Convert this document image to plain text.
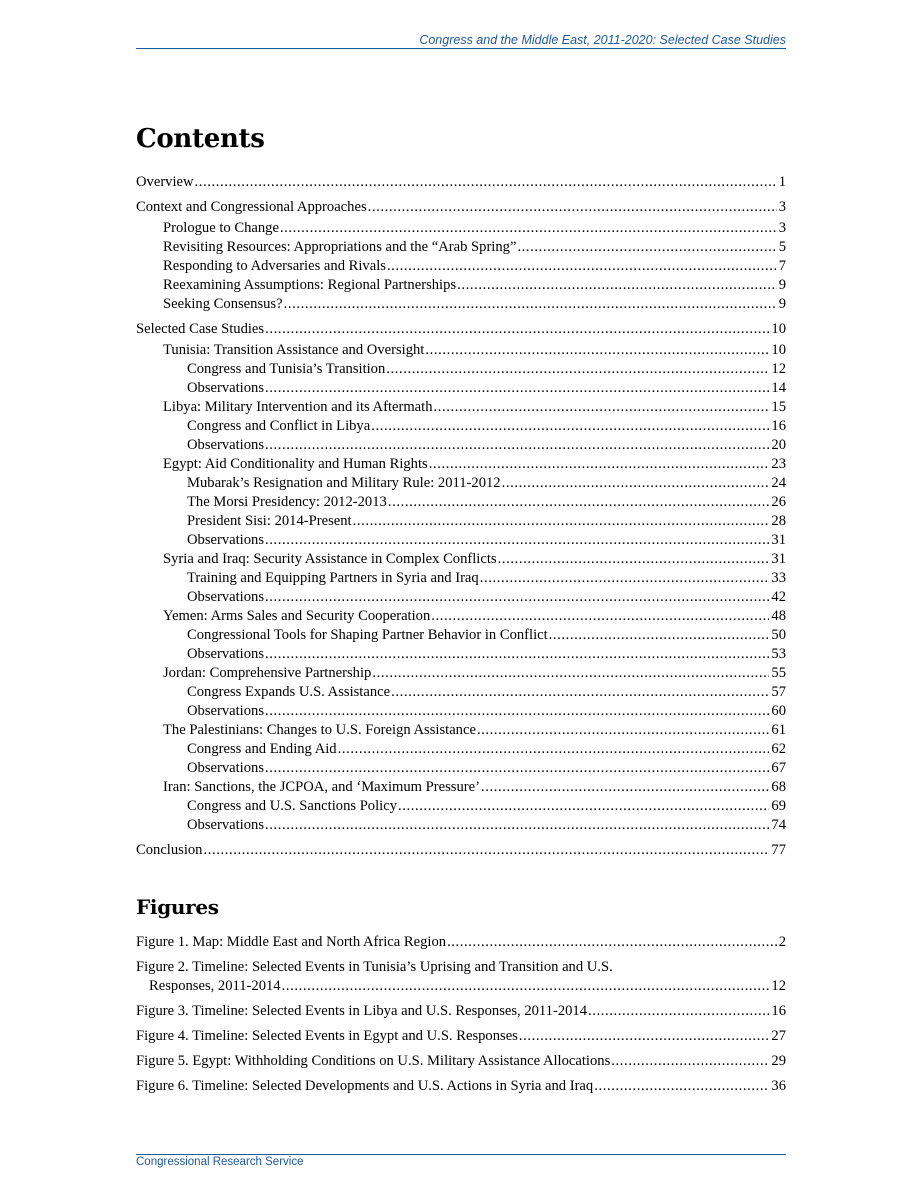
Congress and the Middle East, 2011-2020: Selected Case Studies
Contents
Overview .....	1
Context and Congressional Approaches .....	3
Prologue to Change .....	3
Revisiting Resources: Appropriations and the “Arab Spring” .....	5
Responding to Adversaries and Rivals .....	7
Reexamining Assumptions: Regional Partnerships .....	9
Seeking Consensus? .....	9
Selected Case Studies .....	10
Tunisia: Transition Assistance and Oversight .....	10
Congress and Tunisia’s Transition .....	12
Observations .....	14
Libya: Military Intervention and its Aftermath .....	15
Congress and Conflict in Libya .....	16
Observations .....	20
Egypt: Aid Conditionality and Human Rights .....	23
Mubarak’s Resignation and Military Rule: 2011-2012 .....	24
The Morsi Presidency: 2012-2013 .....	26
President Sisi: 2014-Present .....	28
Observations .....	31
Syria and Iraq: Security Assistance in Complex Conflicts .....	31
Training and Equipping Partners in Syria and Iraq .....	33
Observations .....	42
Yemen: Arms Sales and Security Cooperation .....	48
Congressional Tools for Shaping Partner Behavior in Conflict .....	50
Observations .....	53
Jordan: Comprehensive Partnership .....	55
Congress Expands U.S. Assistance .....	57
Observations .....	60
The Palestinians: Changes to U.S. Foreign Assistance .....	61
Congress and Ending Aid .....	62
Observations .....	67
Iran: Sanctions, the JCPOA, and ‘Maximum Pressure’ .....	68
Congress and U.S. Sanctions Policy .....	69
Observations .....	74
Conclusion .....	77
Figures
Figure 1. Map: Middle East and North Africa Region .....	2
Figure 2. Timeline: Selected Events in Tunisia’s Uprising and Transition and U.S.
Responses, 2011-2014 .....	12
Figure 3. Timeline: Selected Events in Libya and U.S. Responses, 2011-2014 .....	16
Figure 4. Timeline: Selected Events in Egypt and U.S. Responses .....	27
Figure 5. Egypt: Withholding Conditions on U.S. Military Assistance Allocations .....	29
Figure 6. Timeline: Selected Developments and U.S. Actions in Syria and Iraq .....	36
Congressional Research Service
